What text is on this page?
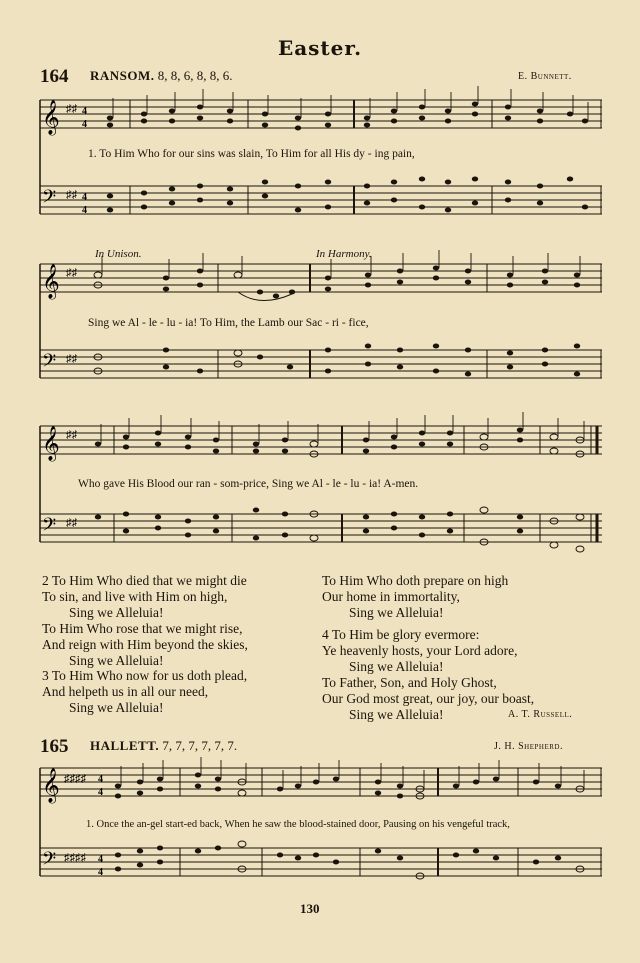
Easter.
164 RANSOM. 8, 8, 6, 8, 8, 6.	E. Bunnett.
𝄞
𝄢
♯♯
♯♯
4
4
4
4
1. To Him Who for our sins was slain, To Him for all His dy - ing pain,
In Unison.	In Harmony.
𝄞
𝄢
♯♯
♯♯
Sing we Al - le - lu - ia! To Him, the Lamb our Sac - ri - fice,
𝄞
𝄢
♯♯
♯♯
Who gave His Blood our ran - som-price, Sing we Al - le - lu - ia! A-men.
2 To Him Who died that we might die
To sin, and live with Him on high,
Sing we Alleluia!
To Him Who rose that we might rise,
And reign with Him beyond the skies,
Sing we Alleluia!
3 To Him Who now for us doth plead,
And helpeth us in all our need,
Sing we Alleluia!
To Him Who doth prepare on high
Our home in immortality,
Sing we Alleluia!
4 To Him be glory evermore:
Ye heavenly hosts, your Lord adore,
Sing we Alleluia!
To Father, Son, and Holy Ghost,
Our God most great, our joy, our boast,
Sing we Alleluia!	A. T. Russell.
165 HALLETT. 7, 7, 7, 7, 7, 7.	J. H. Shepherd.
𝄞
𝄢
♯♯♯♯
♯♯♯♯
4
4
4
4
1. Once the an-gel start-ed back, When he saw the blood-stained door, Pausing on his vengeful track,
130
